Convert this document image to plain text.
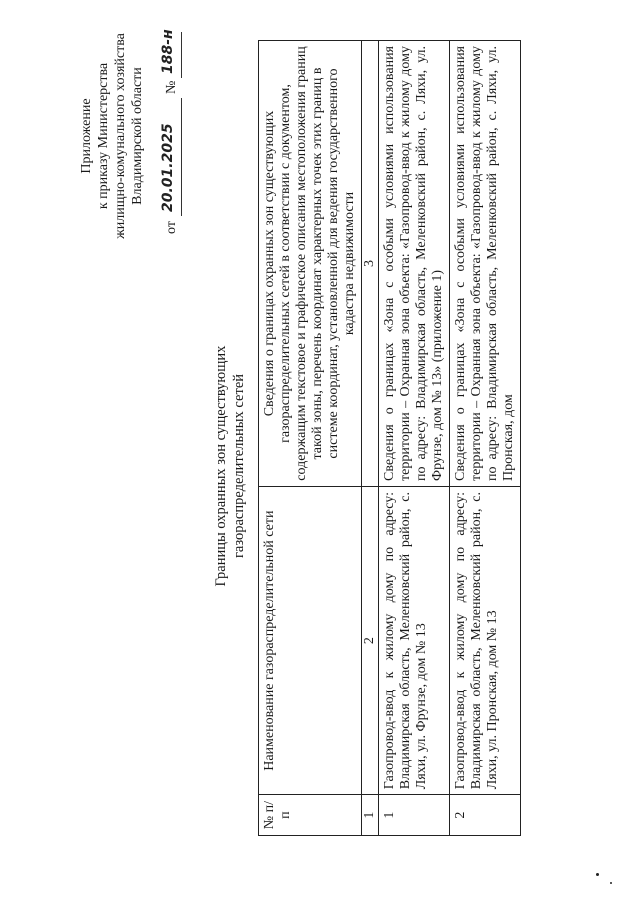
Приложение к приказу Министерства жилищно-комунального хозяйства Владимирской области
от
20.01.2025
№
188-н
Границы охранных зон существующих газораспределительных сетей
№ п/п	Наименование газораспределительной сети	Сведения о границах охранных зон существующих газораспределительных сетей в соответствии с документом, содержащим текстовое и графическое описания местоположения границ такой зоны, перечень координат характерных точек этих границ в системе координат, установленной для ведения государственного кадастра недвижимости
1	2	3
1	Газопровод-ввод к жилому дому по адресу: Владимирская область, Меленковский район, с. Ляхи, ул. Фрунзе, дом № 13	Сведения о границах «Зона с особыми условиями использования территории – Охранная зона объекта: «Газопровод-ввод к жилому дому по адресу: Владимирская область, Меленковский район, с. Ляхи, ул. Фрунзе, дом № 13» (приложение 1)
2	Газопровод-ввод к жилому дому по адресу: Владимирская область, Меленковский район, с. Ляхи, ул. Пронская, дом № 13	Сведения о границах «Зона с особыми условиями использования территории – Охранная зона объекта: «Газопровод-ввод к жилому дому по адресу: Владимирская область, Меленковский район, с. Ляхи, ул. Пронская, дом
